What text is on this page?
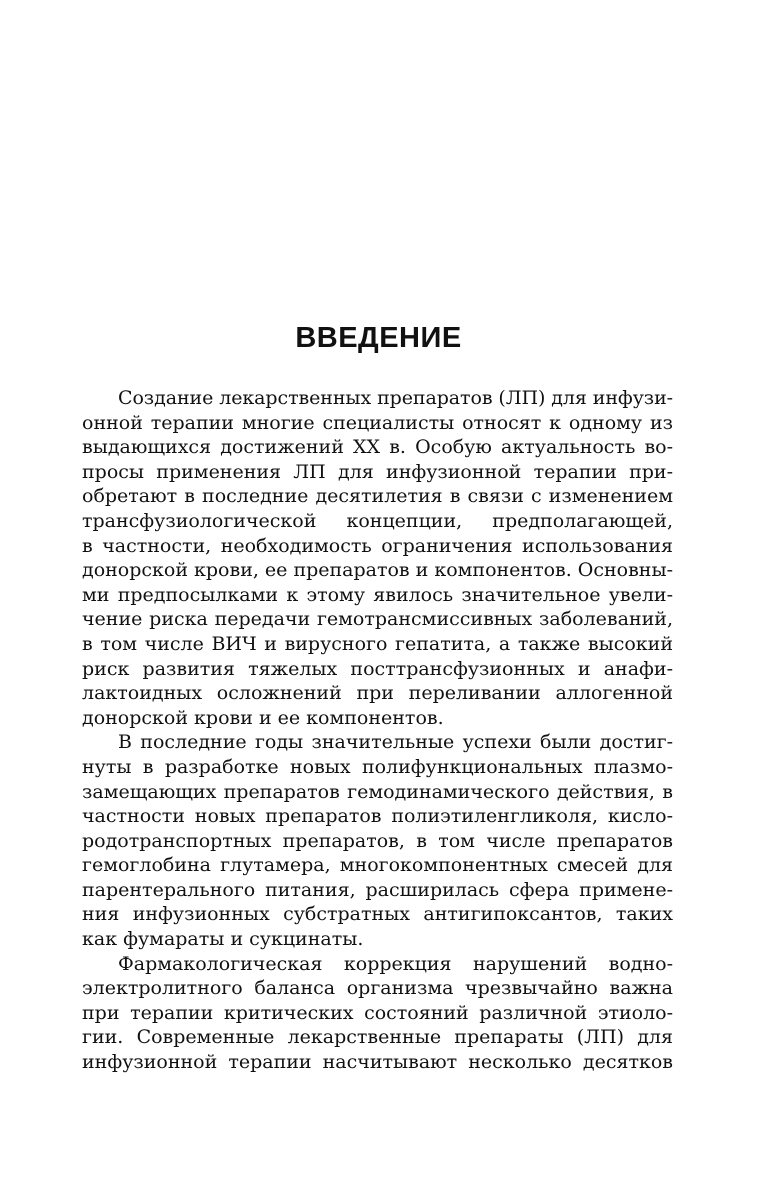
ВВЕДЕНИЕ
Создание лекарственных препаратов (ЛП) для инфузи-
онной терапии многие специалисты относят к одному из
выдающихся достижений XX в. Особую актуальность во-
просы применения ЛП для инфузионной терапии при-
обретают в последние десятилетия в связи с изменением
трансфузиологической концепции, предполагающей,
в частности, необходимость ограничения использования
донорской крови, ее препаратов и компонентов. Основны-
ми предпосылками к этому явилось значительное увели-
чение риска передачи гемотрансмиссивных заболеваний,
в том числе ВИЧ и вирусного гепатита, а также высокий
риск развития тяжелых посттрансфузионных и анафи-
лактоидных осложнений при переливании аллогенной
донорской крови и ее компонентов.
В последние годы значительные успехи были достиг-
нуты в разработке новых полифункциональных плазмо-
замещающих препаратов гемодинамического действия, в
частности новых препаратов полиэтиленгликоля, кисло-
родотранспортных препаратов, в том числе препаратов
гемоглобина глутамера, многокомпонентных смесей для
парентерального питания, расширилась сфера примене-
ния инфузионных субстратных антигипоксантов, таких
как фумараты и сукцинаты.
Фармакологическая коррекция нарушений водно-
электролитного баланса организма чрезвычайно важна
при терапии критических состояний различной этиоло-
гии. Современные лекарственные препараты (ЛП) для
инфузионной терапии насчитывают несколько десятков
